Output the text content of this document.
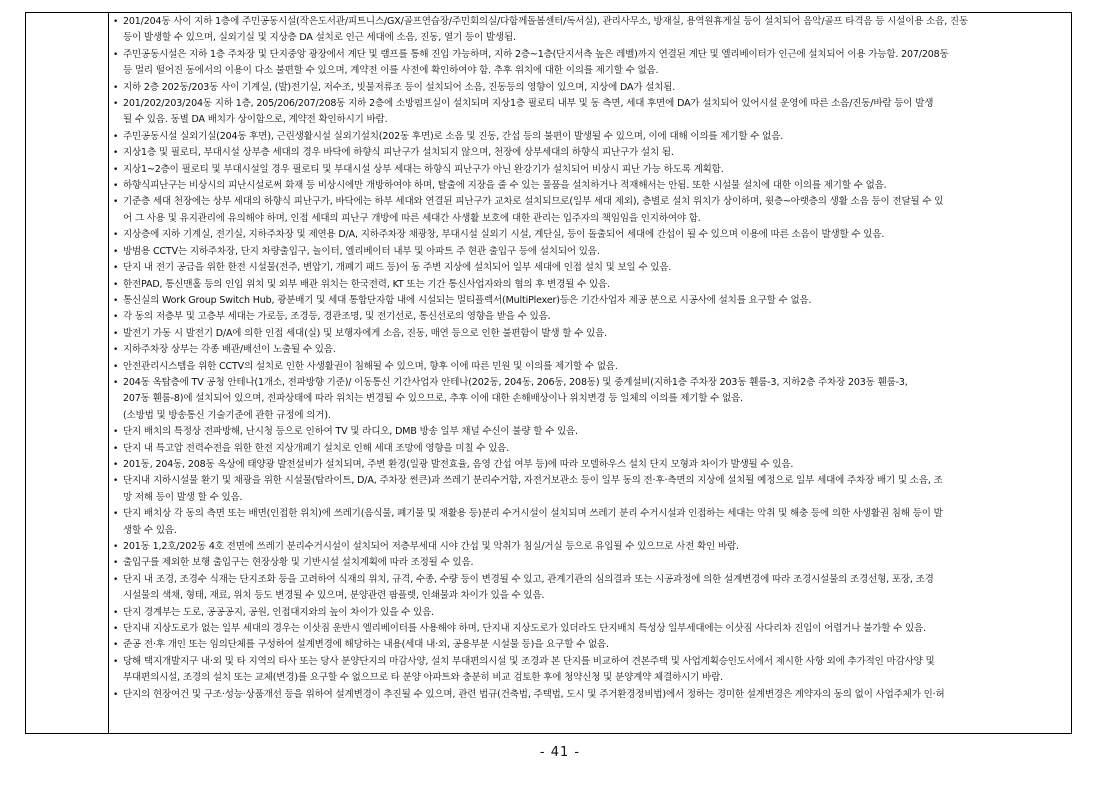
• 201/204동 사이 지하 1층에 주민공동시설(작은도서관/피트니스/GX/골프연습장/주민회의실/다함께돌봄센터/독서실), 관리사무소, 방재실, 용역원휴게실 등이 설치되어 음악/골프 타격음 등 시설이용 소음, 진동
등이 발생할 수 있으며, 실외기실 및 지상층 DA 설치로 인근 세대에 소음, 진동, 열기 등이 발생됨.
• 주민공동시설은 지하 1층 주차장 및 단지중앙 광장에서 계단 및 램프를 통해 진입 가능하며, 지하 2층~1층(단지서측 높은 레벨)까지 연결된 계단 및 엘리베이터가 인근에 설치되어 이용 가능함. 207/208동
등 멀리 떨어진 동에서의 이용이 다소 불편할 수 있으며, 계약전 이를 사전에 확인하여야 함. 추후 위치에 대한 이의를 제기할 수 없음.
• 지하 2층 202동/203동 사이 기계실, (발)전기실, 저수조, 빗물저류조 등이 설치되어 소음, 진동등의 영향이 있으며, 지상에 DA가 설치됨.
• 201/202/203/204동 지하 1층, 205/206/207/208동 지하 2층에 소방펌프실이 설치되며 지상1층 필로티 내부 및 동 측면, 세대 후면에 DA가 설치되어 있어시설 운영에 따른 소음/진동/바람 등이 발생
될 수 있음. 동별 DA 배치가 상이함으로, 계약전 확인하시기 바람.
• 주민공동시설 실외기실(204동 후면), 근린생활시설 실외기설치(202동 후면)로 소음 및 진동, 간섭 등의 불편이 발생될 수 있으며, 이에 대해 이의를 제기할 수 없음.
• 지상1층 및 필로티, 부대시설 상부층 세대의 경우 바닥에 하향식 피난구가 설치되지 않으며, 천장에 상부세대의 하향식 피난구가 설치 됨.
• 지상1~2층이 필로티 및 부대시설일 경우 필로티 및 부대시설 상부 세대는 하향식 피난구가 아닌 완강기가 설치되어 비상시 피난 가능 하도록 계획함.
• 하향식피난구는 비상시의 피난시설로써 화재 등 비상시에만 개방하여야 하며, 탈출에 지장을 줄 수 있는 물품을 설치하거나 적재해서는 안됨. 또한 시설물 설치에 대한 이의를 제기할 수 없음.
• 기준층 세대 천장에는 상부 세대의 하향식 피난구가, 바닥에는 하부 세대와 연결된 피난구가 교차로 설치되므로(일부 세대 제외), 층별로 설치 위치가 상이하며, 윗층~아랫층의 생활 소음 등이 전달될 수 있
어 그 사용 및 유지관리에 유의해야 하며, 인접 세대의 피난구 개방에 따른 세대간 사생활 보호에 대한 관리는 입주자의 책임임을 인지하여야 함.
• 지상층에 지하 기계실, 전기실, 지하주차장 및 제연용 D/A, 지하주차장 채광창, 부대시설 실외기 시설, 계단실, 등이 돌출되어 세대에 간섭이 될 수 있으며 이용에 따른 소음이 발생할 수 있음.
• 방범용 CCTV는 지하주차장, 단지 차량출입구, 놀이터, 엘리베이터 내부 및 아파트 주 현관 출입구 등에 설치되어 있음.
• 단지 내 전기 공급을 위한 한전 시설물(전주, 변압기, 개폐기 패드 등)이 동 주변 지상에 설치되어 일부 세대에 인접 설치 및 보일 수 있음.
• 한전PAD, 통신맨홀 등의 인입 위치 및 외부 배관 위치는 한국전력, KT 또는 기간 통신사업자와의 협의 후 변경될 수 있음.
• 통신실의 Work Group Switch Hub, 광분배기 및 세대 통합단자함 내에 시설되는 멀티플렉서(MultiPlexer)등은 기간사업자 제공 분으로 시공사에 설치를 요구할 수 없음.
• 각 동의 저층부 및 고층부 세대는 가로등, 조경등, 경관조명, 및 전기선로, 통신선로의 영향을 받을 수 있음.
• 발전기 가동 시 발전기 D/A에 의한 인접 세대(실) 및 보행자에게 소음, 진동, 매연 등으로 인한 불편함이 발생 할 수 있음.
• 지하주차장 상부는 각종 배관/배선이 노출될 수 있음.
• 안전관리시스템을 위한 CCTV의 설치로 인한 사생활권이 침해될 수 있으며, 향후 이에 따른 민원 및 이의를 제기할 수 없음.
• 204동 옥탑층에 TV 공청 안테나(1개소, 전파방향 기준)/ 이동통신 기간사업자 안테나(202동, 204동, 206동, 208동) 및 중계설비(지하1층 주차장 203동 휀룸-3, 지하2층 주차장 203동 휀룸-3,
207동 휀룸-8)에 설치되어 있으며, 전파상태에 따라 위치는 변경될 수 있으므로, 추후 이에 대한 손해배상이나 위치변경 등 일체의 이의를 제기할 수 없음.
(소방법 및 방송통신 기술기준에 관한 규정에 의거).
• 단지 배치의 특정상 전파방해, 난시청 등으로 인하여 TV 및 라디오, DMB 방송 일부 채널 수신이 불량 할 수 있음.
• 단지 내 특고압 전력수전을 위한 한전 지상개폐기 설치로 인해 세대 조망에 영향을 미칠 수 있음.
• 201동, 204동, 208동 옥상에 태양광 발전설비가 설치되며, 주변 환경(일광 발전효율, 음영 간섭 여부 등)에 따라 모델하우스 설치 단지 모형과 차이가 발생될 수 있음.
• 단지내 지하시설물 환기 및 채광을 위한 시설물(탑라이트, D/A, 주차장 썬큰)과 쓰레기 분리수거함, 자전거보관소 등이 일부 동의 전·후·측면의 지상에 설치될 예정으로 일부 세대에 주차장 배기 및 소음, 조
망 저해 등이 발생 할 수 있음.
• 단지 배치상 각 동의 측면 또는 배면(인접한 위치)에 쓰레기(음식물, 폐기물 및 재활용 등)분리 수거시설이 설치되며 쓰레기 분리 수거시설과 인접하는 세대는 악취 및 해충 등에 의한 사생활권 침해 등이 발
생할 수 있음.
• 201동 1,2호/202동 4호 전면에 쓰레기 분리수거시설이 설치되어 저층부세대 시야 간섭 및 악취가 침실/거실 등으로 유입될 수 있으므로 사전 확인 바람.
• 출입구를 제외한 보행 출입구는 현장상황 및 기반시설 설치계획에 따라 조정될 수 있음.
• 단지 내 조경, 조경수 식재는 단지조화 등을 고려하여 식재의 위치, 규격, 수종, 수량 등이 변경될 수 있고, 관계기관의 심의결과 또는 시공과정에 의한 설계변경에 따라 조경시설물의 조경선형, 포장, 조경
시설물의 색채, 형태, 재료, 위치 등도 변경될 수 있으며, 분양관련 팜플렛, 인쇄물과 차이가 있을 수 있음.
• 단지 경계부는 도로, 공공공지, 공원, 인접대지와의 높이 차이가 있을 수 있음.
• 단지내 지상도로가 없는 일부 세대의 경우는 이삿짐 운반시 엘리베이터를 사용해야 하며, 단지내 지상도로가 있더라도 단지배치 특성상 일부세대에는 이삿짐 사다리차 진입이 어렵거나 불가할 수 있음.
• 준공 전·후 개인 또는 임의단체를 구성하여 설계변경에 해당하는 내용(세대 내·외, 공용부분 시설물 등)을 요구할 수 없음.
• 당해 택지개발지구 내·외 및 타 지역의 타사 또는 당사 분양단지의 마감사양, 설치 부대편의시설 및 조경과 본 단지를 비교하여 견본주택 및 사업계획승인도서에서 제시한 사항 외에 추가적인 마감사양 및
부대편의시설, 조경의 설치 또는 교체(변경)를 요구할 수 없으므로 타 분양 아파트와 충분히 비교 검토한 후에 청약신청 및 분양계약 체결하시기 바람.
• 단지의 현장여건 및 구조·성능·상품개선 등을 위하여 설계변경이 추진될 수 있으며, 관련 법규(건축법, 주택법, 도시 및 주거환경정비법)에서 정하는 경미한 설계변경은 계약자의 동의 없이 사업주체가 인·허
- 41 -
